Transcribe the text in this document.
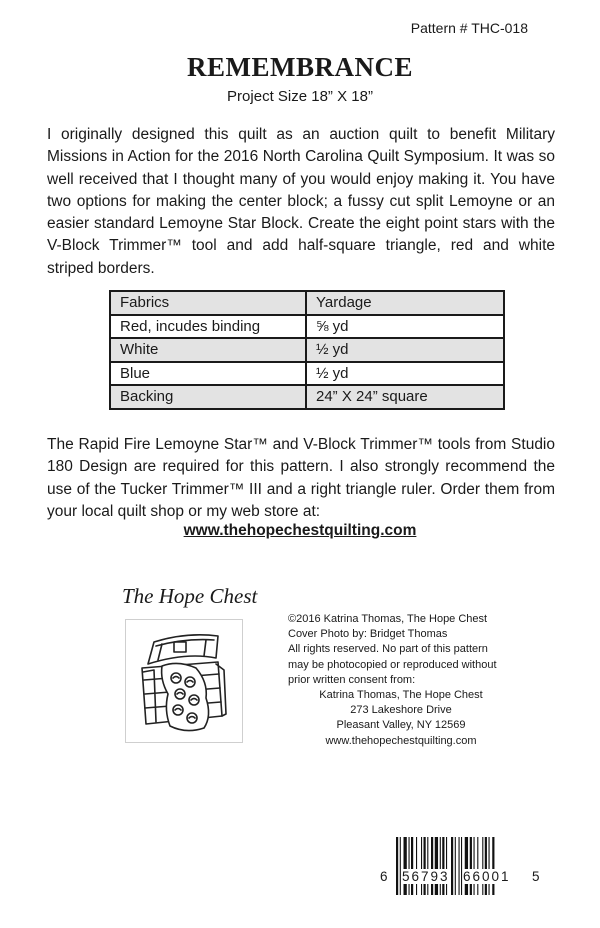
Pattern # THC-018
REMEMBRANCE
Project Size 18” X 18”

I originally designed this quilt as an auction quilt to benefit Military Missions in Action for the 2016 North Carolina Quilt Symposium. It was so well received that I thought many of you would enjoy making it. You have two options for making the center block; a fussy cut split Lemoyne or an easier standard Lemoyne Star Block. Create the eight point stars with the V-Block Trimmer™ tool and add half-square triangle, red and white striped borders.

Fabrics	Yardage
Red, incudes binding	⅝ yd
White	½ yd
Blue	½ yd
Backing	24” X 24” square

The Rapid Fire Lemoyne Star™ and V-Block Trimmer™ tools from Studio 180 Design are required for this pattern. I also strongly recommend the use of the Tucker Trimmer™ III and a right triangle ruler. Order them from your local quilt shop or my web store at:

www.thehopechestquilting.com
The Hope Chest
©2016 Katrina Thomas, The Hope Chest
Cover Photo by: Bridget Thomas
All rights reserved. No part of this pattern
may be photocopied or reproduced without
prior written consent from:
Katrina Thomas, The Hope Chest
273 Lakeshore Drive
Pleasant Valley, NY 12569
www.thehopechestquilting.com
6 56793 66001 5
